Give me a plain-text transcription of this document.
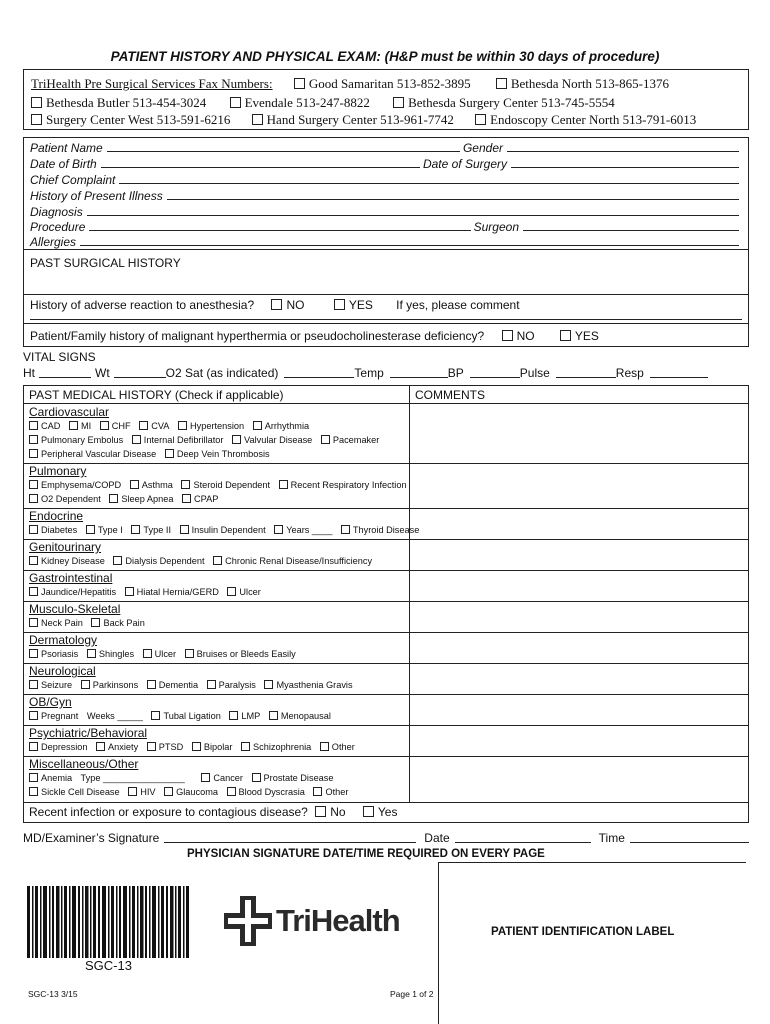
PATIENT HISTORY AND PHYSICAL EXAM: (H&P must be within 30 days of procedure)
TriHealth Pre Surgical Services Fax Numbers:	Good Samaritan 513-852-3895	Bethesda North 513-865-1376
Bethesda Butler 513-454-3024	Evendale 513-247-8822	Bethesda Surgery Center 513-745-5554
Surgery Center West 513-591-6216	Hand Surgery Center 513-961-7742	Endoscopy Center North 513-791-6013
Patient Name	Gender
Date of Birth	Date of Surgery
Chief Complaint
History of Present Illness
Diagnosis
Procedure	Surgeon
Allergies
PAST SURGICAL HISTORY
History of adverse reaction to anesthesia?	NO	YES If yes, please comment
Patient/Family history of malignant hyperthermia or pseudocholinesterase deficiency?	NO	YES
VITAL SIGNS
Ht	Wt	O2 Sat (as indicated)	Temp	BP	Pulse	Resp
PAST MEDICAL HISTORY (Check if applicable)	COMMENTS
Cardiovascular
CAD MI CHF CVA Hypertension Arrhythmia
Pulmonary Embolus Internal Defibrillator Valvular Disease Pacemaker
Peripheral Vascular Disease Deep Vein Thrombosis
Pulmonary
Emphysema/COPD Asthma Steroid Dependent Recent Respiratory Infection
O2 Dependent Sleep Apnea CPAP
Endocrine
Diabetes Type I Type II Insulin Dependent Years ____ Thyroid Disease
Genitourinary
Kidney Disease Dialysis Dependent Chronic Renal Disease/Insufficiency
Gastrointestinal
Jaundice/Hepatitis Hiatal Hernia/GERD Ulcer
Musculo-Skeletal
Neck Pain Back Pain
Dermatology
Psoriasis Shingles Ulcer Bruises or Bleeds Easily
Neurological
Seizure Parkinsons Dementia Paralysis Myasthenia Gravis
OB/Gyn
Pregnant Weeks _____ Tubal Ligation LMP Menopausal
Psychiatric/Behavioral
Depression Anxiety PTSD Bipolar Schizophrenia Other
Miscellaneous/Other
Anemia Type ________________	Cancer Prostate Disease
Sickle Cell Disease HIV Glaucoma Blood Dyscrasia Other
Recent infection or exposure to contagious disease? No	Yes
MD/Examiner’s Signature	Date	Time
PHYSICIAN SIGNATURE DATE/TIME REQUIRED ON EVERY PAGE
SGC-13
TriHealth	PATIENT IDENTIFICATION LABEL
SGC-13 3/15	Page 1 of 2
